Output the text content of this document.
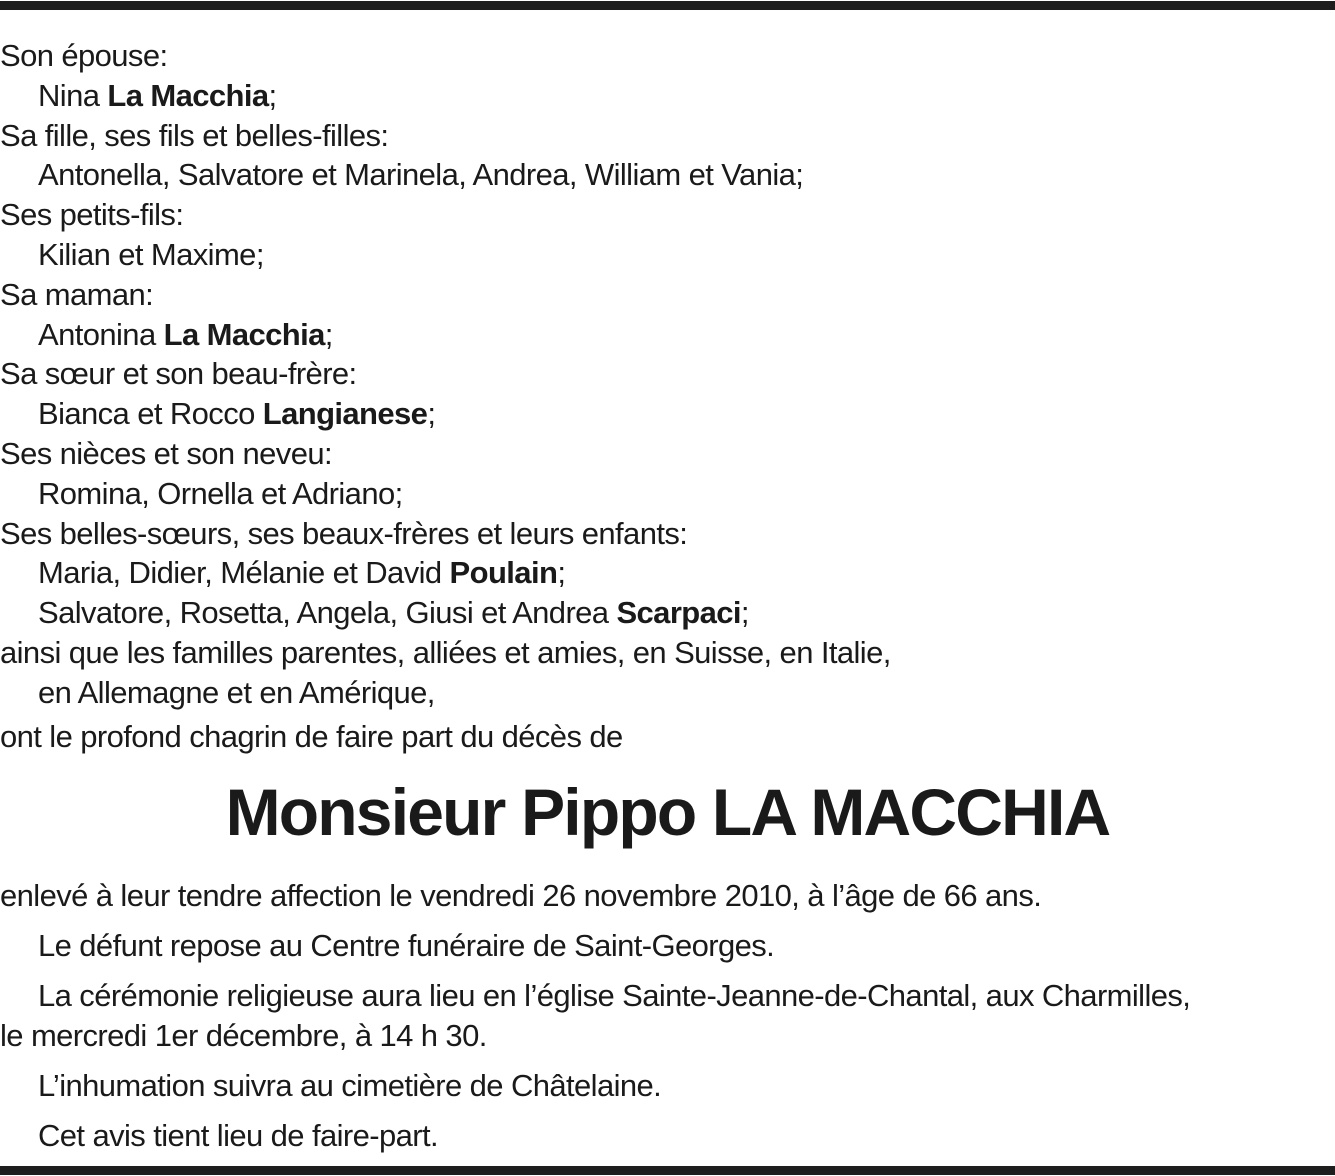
Son épouse:
Nina La Macchia;
Sa fille, ses fils et belles-filles:
Antonella, Salvatore et Marinela, Andrea, William et Vania;
Ses petits-fils:
Kilian et Maxime;
Sa maman:
Antonina La Macchia;
Sa sœur et son beau-frère:
Bianca et Rocco Langianese;
Ses nièces et son neveu:
Romina, Ornella et Adriano;
Ses belles-sœurs, ses beaux-frères et leurs enfants:
Maria, Didier, Mélanie et David Poulain;
Salvatore, Rosetta, Angela, Giusi et Andrea Scarpaci;
ainsi que les familles parentes, alliées et amies, en Suisse, en Italie,
en Allemagne et en Amérique,
ont le profond chagrin de faire part du décès de
Monsieur Pippo LA MACCHIA
enlevé à leur tendre affection le vendredi 26 novembre 2010, à l’âge de 66 ans.
Le défunt repose au Centre funéraire de Saint-Georges.
La cérémonie religieuse aura lieu en l’église Sainte-Jeanne-de-Chantal, aux Charmilles,
le mercredi 1er décembre, à 14 h 30.
L’inhumation suivra au cimetière de Châtelaine.
Cet avis tient lieu de faire-part.
